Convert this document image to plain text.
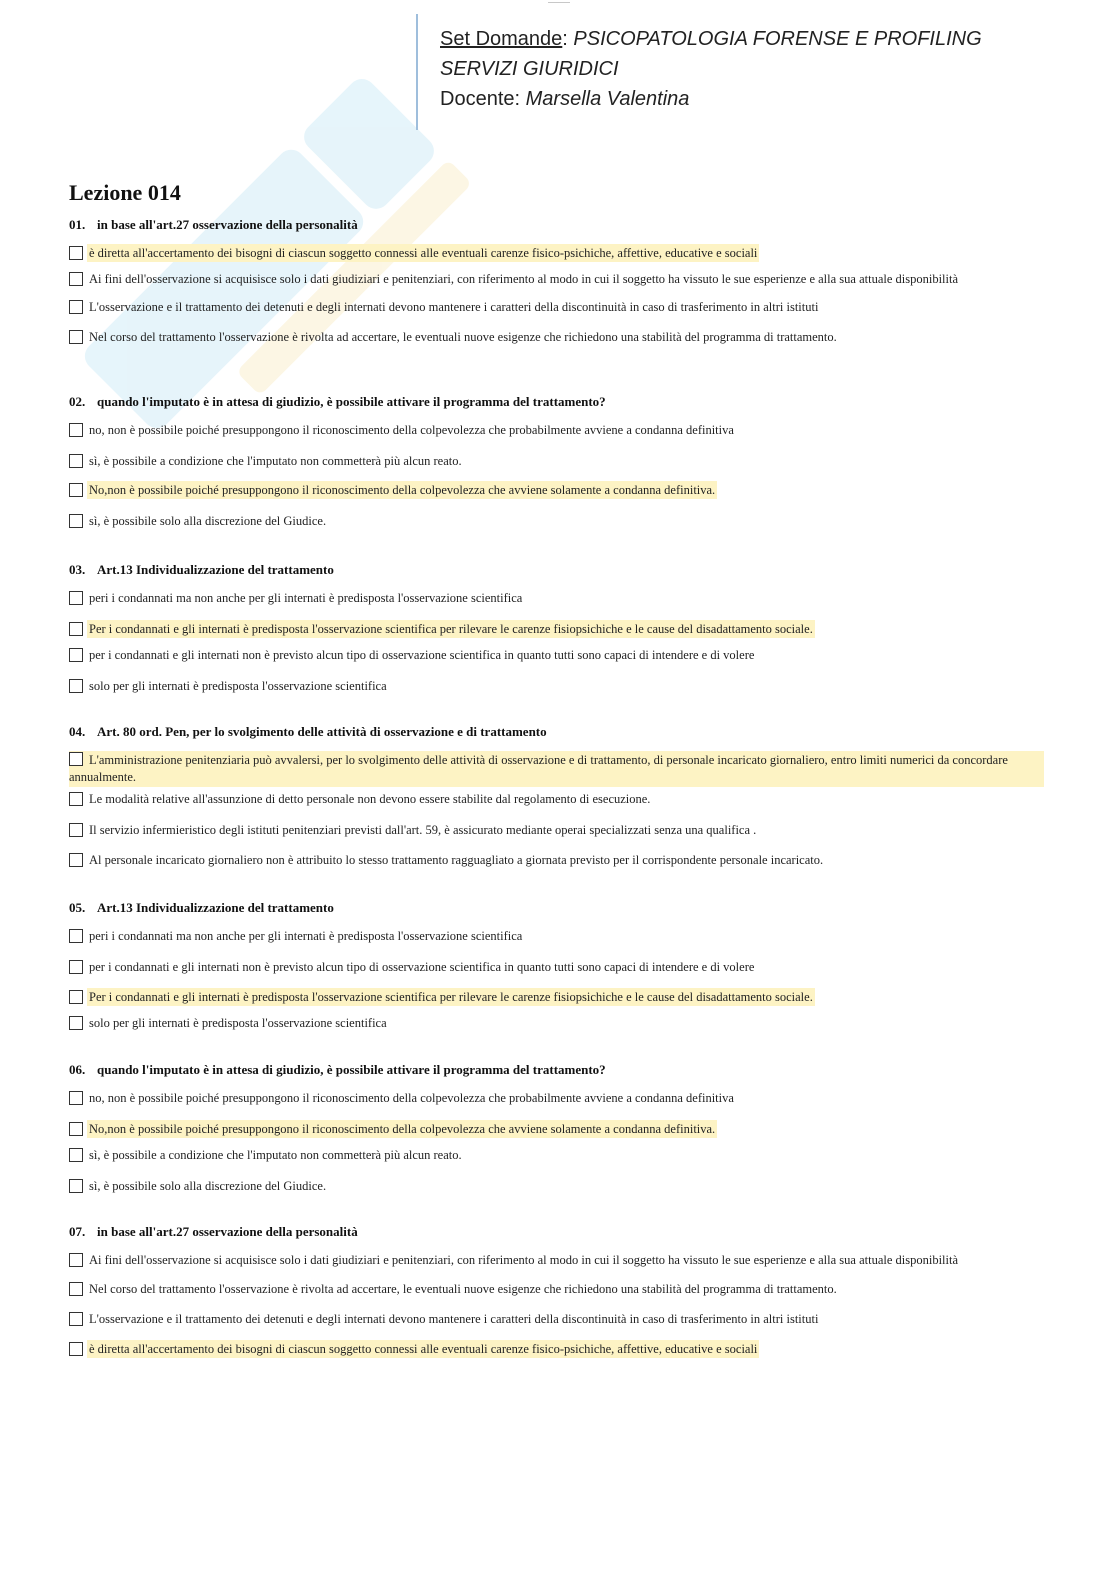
Set Domande: PSICOPATOLOGIA FORENSE E PROFILING
SERVIZI GIURIDICI
Docente: Marsella Valentina
Lezione 014
01. in base all'art.27 osservazione della personalità
è diretta all'accertamento dei bisogni di ciascun soggetto connessi alle eventuali carenze fisico-psichiche, affettive, educative e sociali
Ai fini dell'osservazione si acquisisce solo i dati giudiziari e penitenziari, con riferimento al modo in cui il soggetto ha vissuto le sue esperienze e alla sua attuale disponibilità
L'osservazione e il trattamento dei detenuti e degli internati devono mantenere i caratteri della discontinuità in caso di trasferimento in altri istituti
Nel corso del trattamento l'osservazione è rivolta ad accertare, le eventuali nuove esigenze che richiedono una stabilità del programma di trattamento.
02. quando l'imputato è in attesa di giudizio, è possibile attivare il programma del trattamento?
no, non è possibile poiché presuppongono il riconoscimento della colpevolezza che probabilmente avviene a condanna definitiva
sì, è possibile a condizione che l'imputato non commetterà più alcun reato.
No,non è possibile poiché presuppongono il riconoscimento della colpevolezza che avviene solamente a condanna definitiva.
sì, è possibile solo alla discrezione del Giudice.
03. Art.13 Individualizzazione del trattamento
peri i condannati ma non anche per gli internati è predisposta l'osservazione scientifica
Per i condannati e gli internati è predisposta l'osservazione scientifica per rilevare le carenze fisiopsichiche e le cause del disadattamento sociale.
per i condannati e gli internati non è previsto alcun tipo di osservazione scientifica in quanto tutti sono capaci di intendere e di volere
solo per gli internati è predisposta l'osservazione scientifica
04. Art. 80 ord. Pen, per lo svolgimento delle attività di osservazione e di trattamento
L'amministrazione penitenziaria può avvalersi, per lo svolgimento delle attività di osservazione e di trattamento, di personale incaricato giornaliero, entro limiti numerici da concordare annualmente.
Le modalità relative all'assunzione di detto personale non devono essere stabilite dal regolamento di esecuzione.
Il servizio infermieristico degli istituti penitenziari previsti dall'art. 59, è assicurato mediante operai specializzati senza una qualifica .
Al personale incaricato giornaliero non è attribuito lo stesso trattamento ragguagliato a giornata previsto per il corrispondente personale incaricato.
05. Art.13 Individualizzazione del trattamento
peri i condannati ma non anche per gli internati è predisposta l'osservazione scientifica
per i condannati e gli internati non è previsto alcun tipo di osservazione scientifica in quanto tutti sono capaci di intendere e di volere
Per i condannati e gli internati è predisposta l'osservazione scientifica per rilevare le carenze fisiopsichiche e le cause del disadattamento sociale.
solo per gli internati è predisposta l'osservazione scientifica
06. quando l'imputato è in attesa di giudizio, è possibile attivare il programma del trattamento?
no, non è possibile poiché presuppongono il riconoscimento della colpevolezza che probabilmente avviene a condanna definitiva
No,non è possibile poiché presuppongono il riconoscimento della colpevolezza che avviene solamente a condanna definitiva.
sì, è possibile a condizione che l'imputato non commetterà più alcun reato.
sì, è possibile solo alla discrezione del Giudice.
07. in base all'art.27 osservazione della personalità
Ai fini dell'osservazione si acquisisce solo i dati giudiziari e penitenziari, con riferimento al modo in cui il soggetto ha vissuto le sue esperienze e alla sua attuale disponibilità
Nel corso del trattamento l'osservazione è rivolta ad accertare, le eventuali nuove esigenze che richiedono una stabilità del programma di trattamento.
L'osservazione e il trattamento dei detenuti e degli internati devono mantenere i caratteri della discontinuità in caso di trasferimento in altri istituti
è diretta all'accertamento dei bisogni di ciascun soggetto connessi alle eventuali carenze fisico-psichiche, affettive, educative e sociali
